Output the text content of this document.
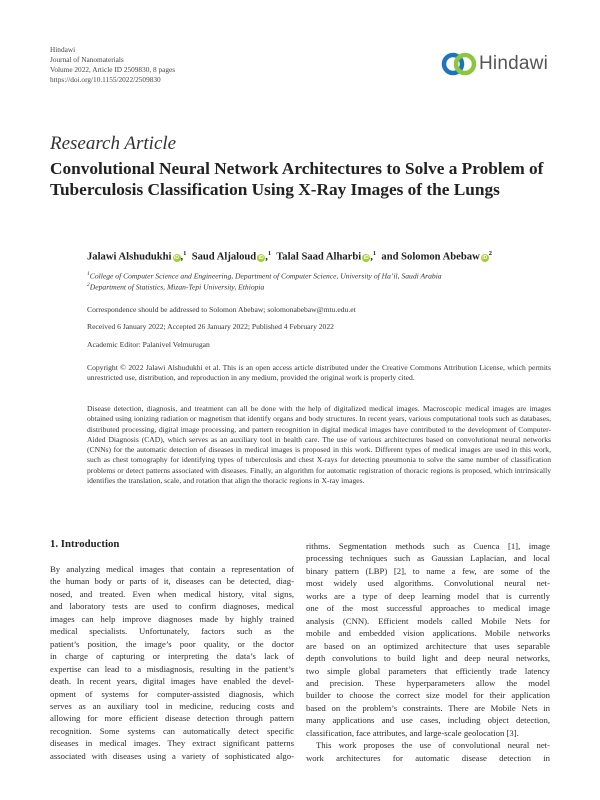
Hindawi
Journal of Nanomaterials
Volume 2022, Article ID 2509830, 8 pages
https://doi.org/10.1155/2022/2509830
Hindawi
Research Article
Convolutional Neural Network Architectures to Solve a Problem of Tuberculosis Classification Using X-Ray Images of the Lungs
Jalawi Alshudukhi iD ,$^1$ Saud Aljaloud iD ,$^1$ Talal Saad Alharbi iD ,$^1$ and Solomon Abebaw $iD^2$
$^1$College of Computer Science and Engineering, Department of Computer Science, University of Ha’il, Saudi Arabia
$^2$Department of Statistics, Mizan-Tepi University, Ethiopia
Correspondence should be addressed to Solomon Abebaw; solomonabebaw@mtu.edu.et
Received 6 January 2022; Accepted 26 January 2022; Published 4 February 2022
Academic Editor: Palanivel Velmurugan
Copyright © 2022 Jalawi Alshudukhi et al. This is an open access article distributed under the Creative Commons Attribution License, which permits unrestricted use, distribution, and reproduction in any medium, provided the original work is properly cited.
Disease detection, diagnosis, and treatment can all be done with the help of digitalized medical images. Macroscopic medical images are images obtained using ionizing radiation or magnetism that identify organs and body structures. In recent years, various computational tools such as databases, distributed processing, digital image processing, and pattern recognition in digital medical images have contributed to the development of Computer-Aided Diagnosis (CAD), which serves as an auxiliary tool in health care. The use of various architectures based on convolutional neural networks (CNNs) for the automatic detection of diseases in medical images is proposed in this work. Different types of medical images are used in this work, such as chest tomography for identifying types of tuberculosis and chest X-rays for detecting pneumonia to solve the same number of classification problems or detect patterns associated with diseases. Finally, an algorithm for automatic registration of thoracic regions is proposed, which intrinsically identifies the translation, scale, and rotation that align the thoracic regions in X-ray images.
1. Introduction
By analyzing medical images that contain a representation of
the human body or parts of it, diseases can be detected, diag-
nosed, and treated. Even when medical history, vital signs,
and laboratory tests are used to confirm diagnoses, medical
images can help improve diagnoses made by highly trained
medical specialists. Unfortunately, factors such as the
patient’s position, the image’s poor quality, or the doctor
in charge of capturing or interpreting the data’s lack of
expertise can lead to a misdiagnosis, resulting in the patient’s
death. In recent years, digital images have enabled the devel-
opment of systems for computer-assisted diagnosis, which
serves as an auxiliary tool in medicine, reducing costs and
allowing for more efficient disease detection through pattern
recognition. Some systems can automatically detect specific
diseases in medical images. They extract significant patterns
associated with diseases using a variety of sophisticated algo-
rithms. Segmentation methods such as Cuenca [1], image
processing techniques such as Gaussian Laplacian, and local
binary pattern (LBP) [2], to name a few, are some of the
most widely used algorithms. Convolutional neural net-
works are a type of deep learning model that is currently
one of the most successful approaches to medical image
analysis (CNN). Efficient models called Mobile Nets for
mobile and embedded vision applications. Mobile networks
are based on an optimized architecture that uses separable
depth convolutions to build light and deep neural networks,
two simple global parameters that efficiently trade latency
and precision. These hyperparameters allow the model
builder to choose the correct size model for their application
based on the problem’s constraints. There are Mobile Nets in
many applications and use cases, including object detection,
classification, face attributes, and large-scale geolocation [3].
This work proposes the use of convolutional neural net-
work architectures for automatic disease detection in
